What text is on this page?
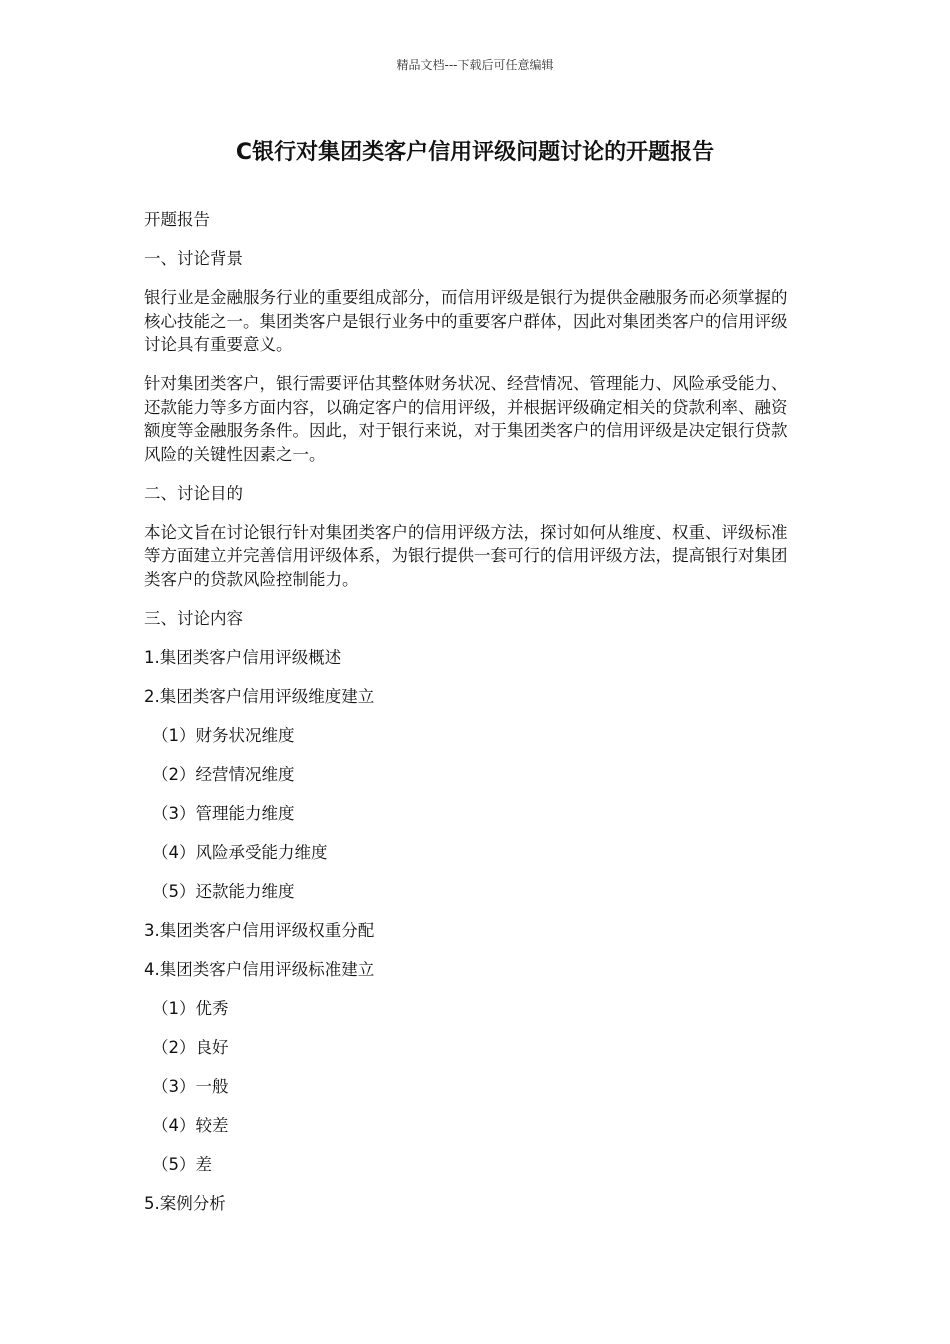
精品文档---下载后可任意编辑
C银行对集团类客户信用评级问题讨论的开题报告

开题报告

一、讨论背景

银行业是金融服务行业的重要组成部分，而信用评级是银行为提供金融服务而必须掌握的核心技能之一。集团类客户是银行业务中的重要客户群体，因此对集团类客户的信用评级讨论具有重要意义。

针对集团类客户，银行需要评估其整体财务状况、经营情况、管理能力、风险承受能力、还款能力等多方面内容，以确定客户的信用评级，并根据评级确定相关的贷款利率、融资额度等金融服务条件。因此，对于银行来说，对于集团类客户的信用评级是决定银行贷款风险的关键性因素之一。

二、讨论目的

本论文旨在讨论银行针对集团类客户的信用评级方法，探讨如何从维度、权重、评级标准等方面建立并完善信用评级体系，为银行提供一套可行的信用评级方法，提高银行对集团类客户的贷款风险控制能力。

三、讨论内容

1.集团类客户信用评级概述

2.集团类客户信用评级维度建立

（1）财务状况维度

（2）经营情况维度

（3）管理能力维度

（4）风险承受能力维度

（5）还款能力维度

3.集团类客户信用评级权重分配

4.集团类客户信用评级标准建立

（1）优秀

（2）良好

（3）一般

（4）较差

（5）差

5.案例分析
